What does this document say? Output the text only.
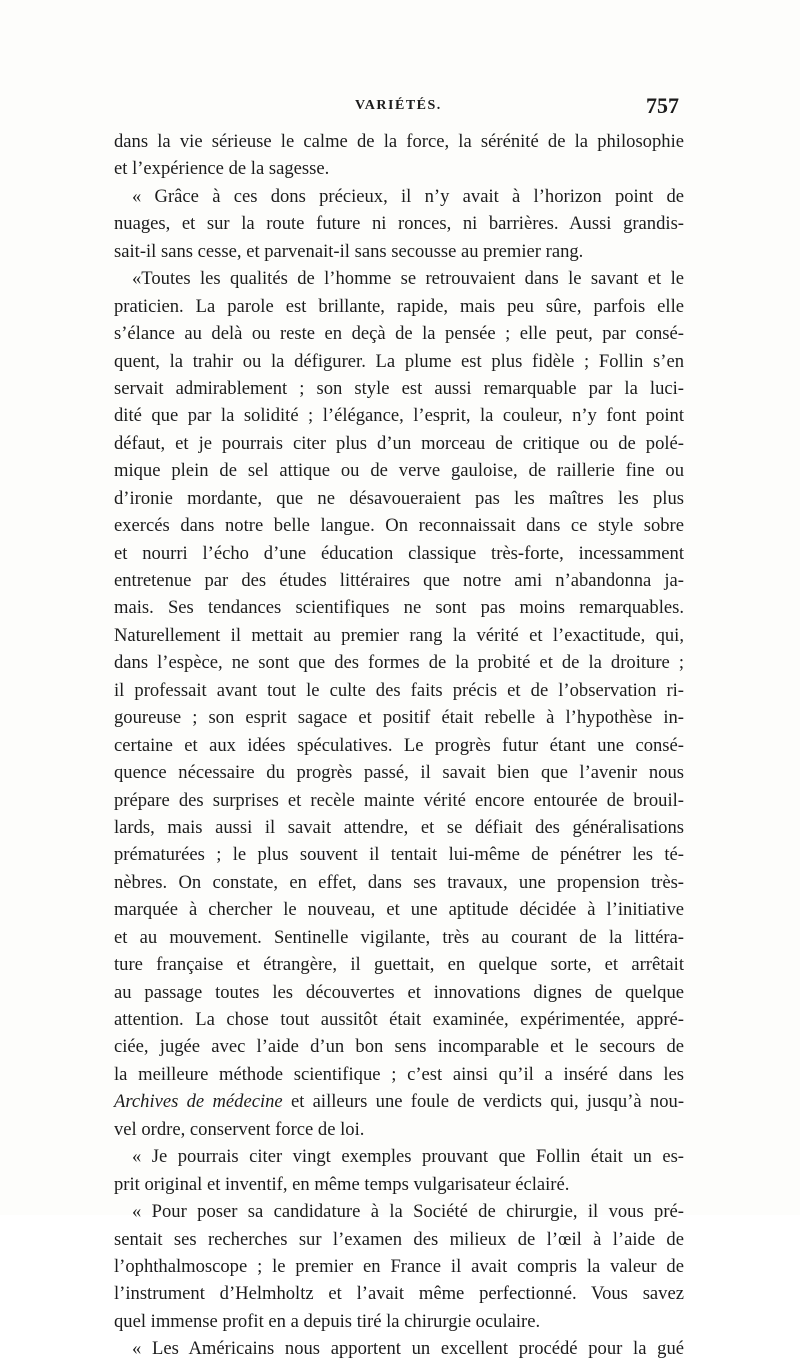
VARIÉTÉS.	757
dans la vie sérieuse le calme de la force, la sérénité de la philosophie
et l’expérience de la sagesse.
« Grâce à ces dons précieux, il n’y avait à l’horizon point de
nuages, et sur la route future ni ronces, ni barrières. Aussi grandis-
sait-il sans cesse, et parvenait-il sans secousse au premier rang.
«Toutes les qualités de l’homme se retrouvaient dans le savant et le
praticien. La parole est brillante, rapide, mais peu sûre, parfois elle
s’élance au delà ou reste en deçà de la pensée ; elle peut, par consé-
quent, la trahir ou la défigurer. La plume est plus fidèle ; Follin s’en
servait admirablement ; son style est aussi remarquable par la luci-
dité que par la solidité ; l’élégance, l’esprit, la couleur, n’y font point
défaut, et je pourrais citer plus d’un morceau de critique ou de polé-
mique plein de sel attique ou de verve gauloise, de raillerie fine ou
d’ironie mordante, que ne désavoueraient pas les maîtres les plus
exercés dans notre belle langue. On reconnaissait dans ce style sobre
et nourri l’écho d’une éducation classique très-forte, incessamment
entretenue par des études littéraires que notre ami n’abandonna ja-
mais. Ses tendances scientifiques ne sont pas moins remarquables.
Naturellement il mettait au premier rang la vérité et l’exactitude, qui,
dans l’espèce, ne sont que des formes de la probité et de la droiture ;
il professait avant tout le culte des faits précis et de l’observation ri-
goureuse ; son esprit sagace et positif était rebelle à l’hypothèse in-
certaine et aux idées spéculatives. Le progrès futur étant une consé-
quence nécessaire du progrès passé, il savait bien que l’avenir nous
prépare des surprises et recèle mainte vérité encore entourée de brouil-
lards, mais aussi il savait attendre, et se défiait des généralisations
prématurées ; le plus souvent il tentait lui-même de pénétrer les té-
nèbres. On constate, en effet, dans ses travaux, une propension très-
marquée à chercher le nouveau, et une aptitude décidée à l’initiative
et au mouvement. Sentinelle vigilante, très au courant de la littéra-
ture française et étrangère, il guettait, en quelque sorte, et arrêtait
au passage toutes les découvertes et innovations dignes de quelque
attention. La chose tout aussitôt était examinée, expérimentée, appré-
ciée, jugée avec l’aide d’un bon sens incomparable et le secours de
la meilleure méthode scientifique ; c’est ainsi qu’il a inséré dans les
Archives de médecine et ailleurs une foule de verdicts qui, jusqu’à nou-
vel ordre, conservent force de loi.
« Je pourrais citer vingt exemples prouvant que Follin était un es-
prit original et inventif, en même temps vulgarisateur éclairé.
« Pour poser sa candidature à la Société de chirurgie, il vous pré-
sentait ses recherches sur l’examen des milieux de l’œil à l’aide de
l’ophthalmoscope ; le premier en France il avait compris la valeur de
l’instrument d’Helmholtz et l’avait même perfectionné. Vous savez
quel immense profit en a depuis tiré la chirurgie oculaire.
« Les Américains nous apportent un excellent procédé pour la gué
